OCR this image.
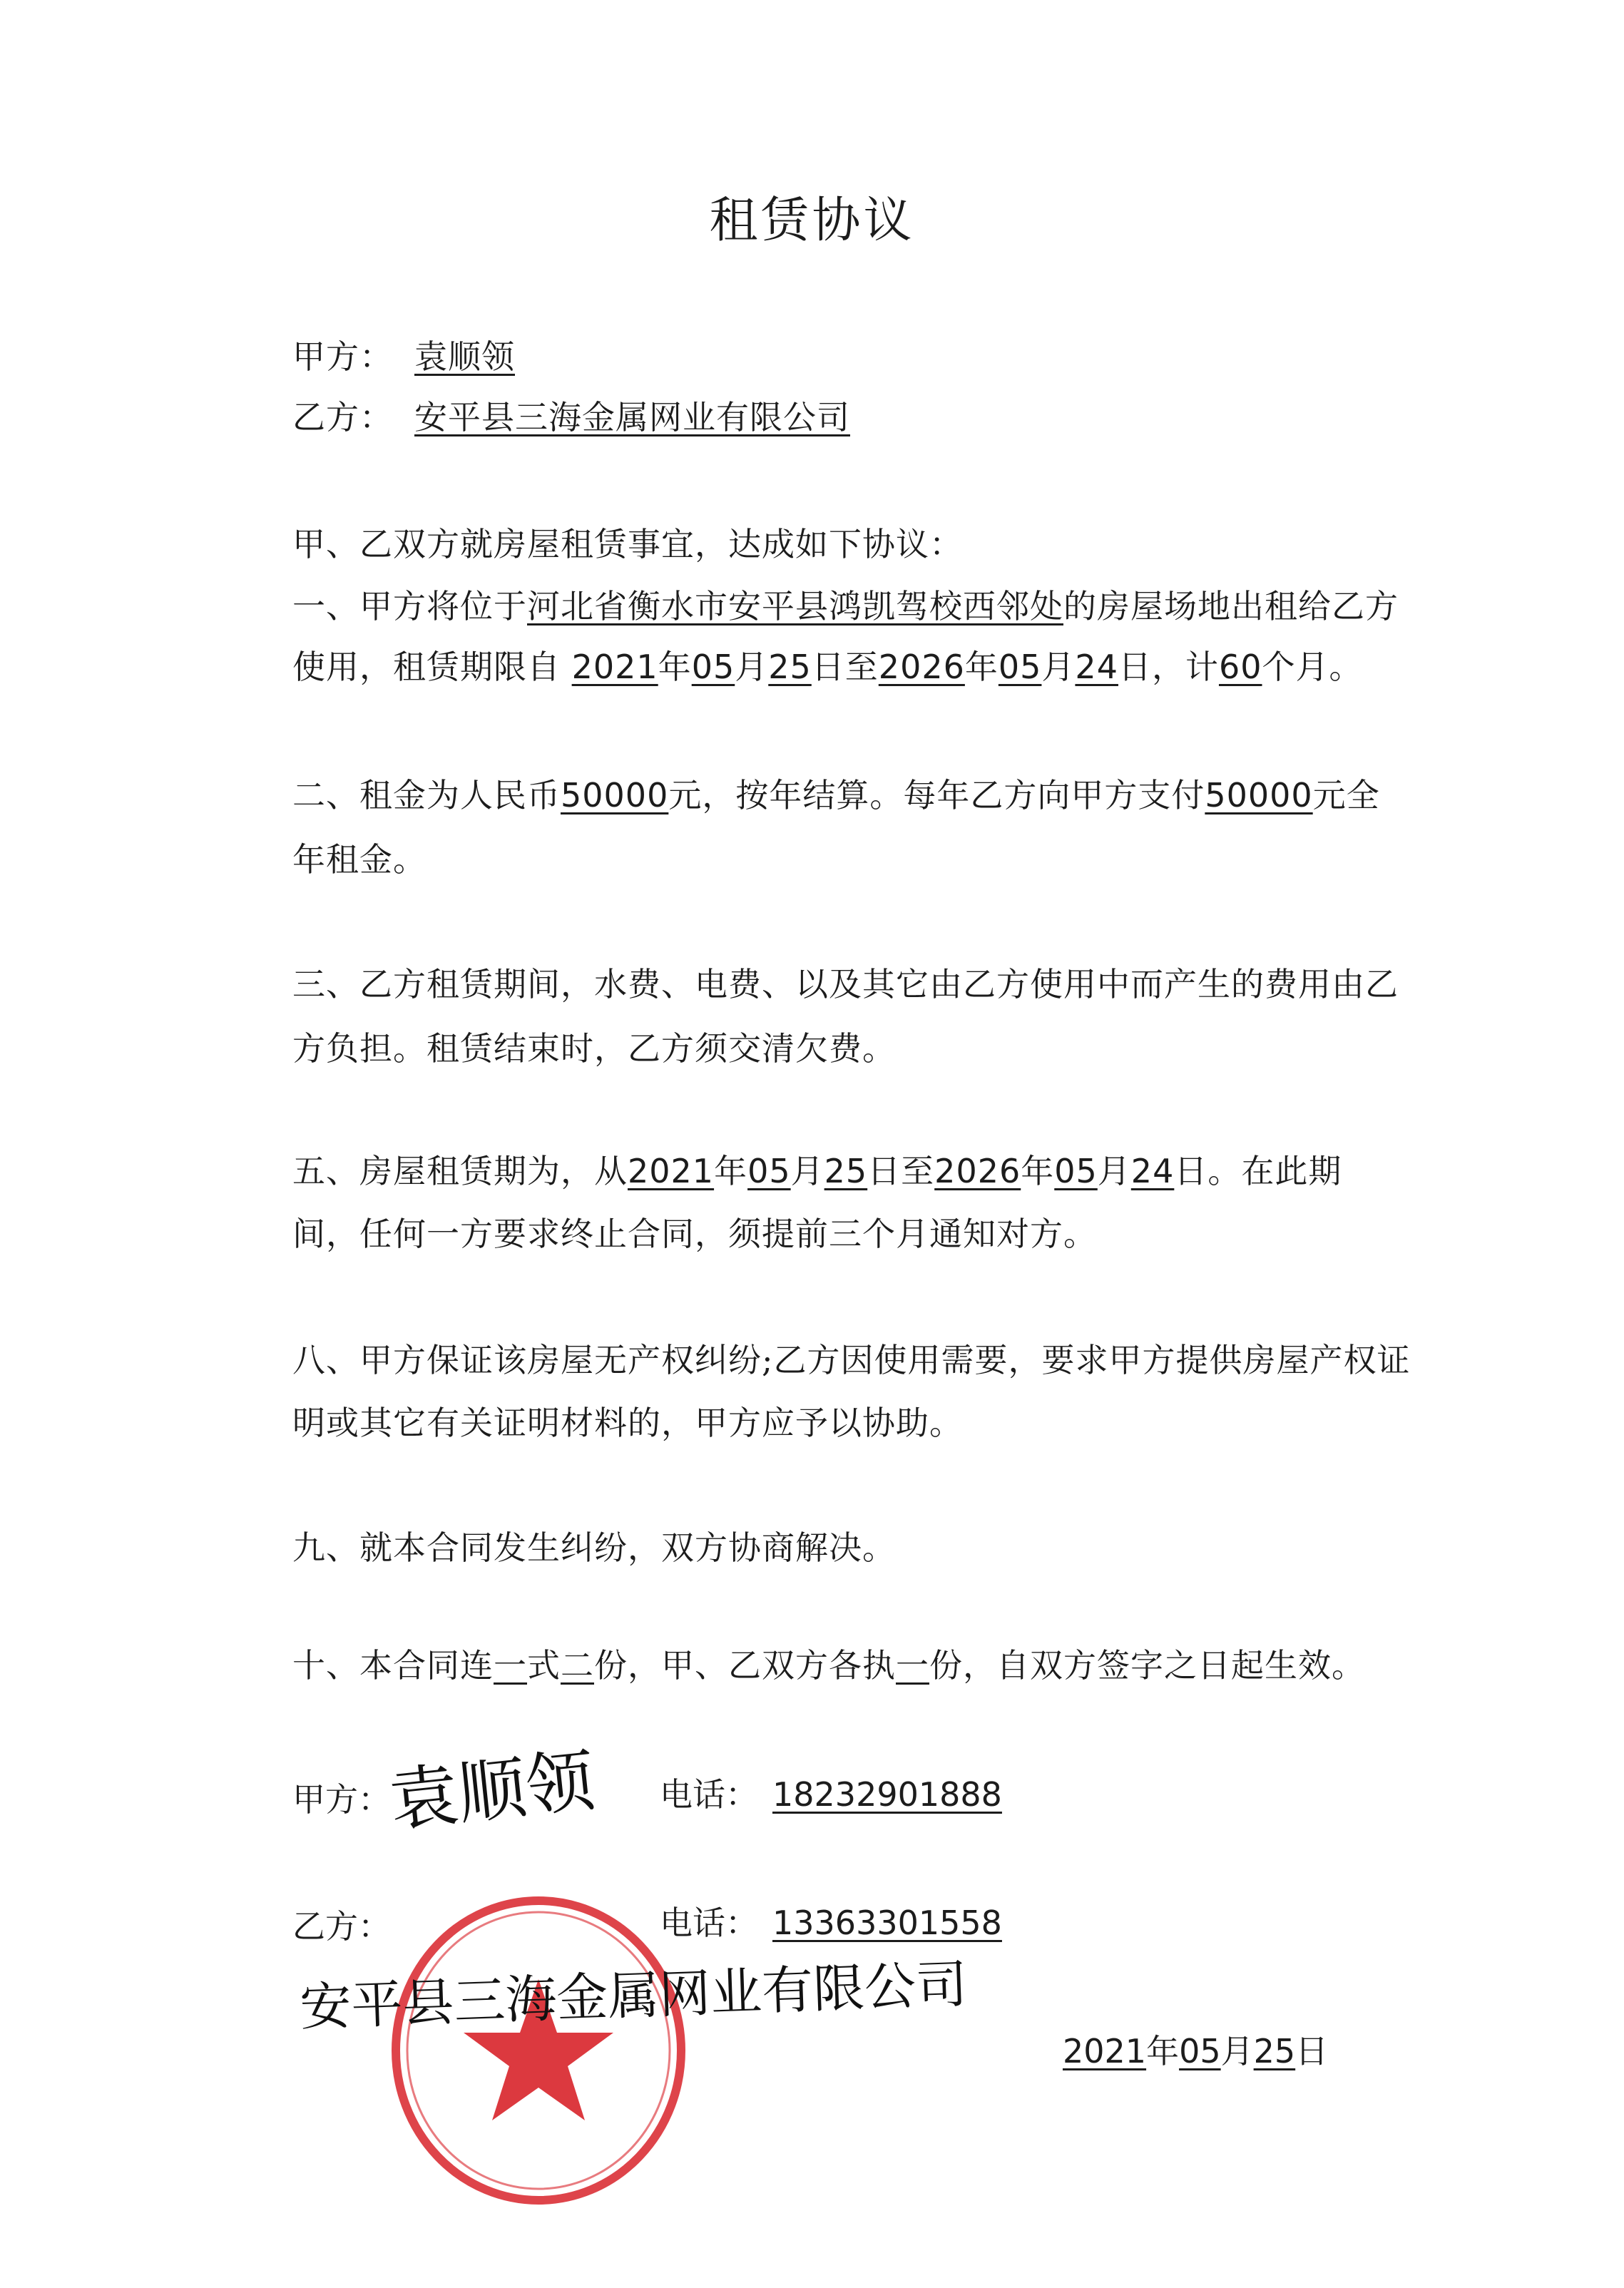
租赁协议
甲方： 袁顺领
乙方： 安平县三海金属网业有限公司
甲、乙双方就房屋租赁事宜，达成如下协议：
一、甲方将位于河北省衡水市安平县鸿凯驾校西邻处的房屋场地出租给乙方
使用，租赁期限自 2021年05月25日至2026年05月24日，计60个月。
二、租金为人民币50000元，按年结算。每年乙方向甲方支付50000元全
年租金。
三、乙方租赁期间，水费、电费、以及其它由乙方使用中而产生的费用由乙
方负担。租赁结束时，乙方须交清欠费。
五、房屋租赁期为，从2021年05月25日至2026年05月24日。在此期
间，任何一方要求终止合同，须提前三个月通知对方。
八、甲方保证该房屋无产权纠纷;乙方因使用需要，要求甲方提供房屋产权证
明或其它有关证明材料的，甲方应予以协助。
九、就本合同发生纠纷，双方协商解决。
十、本合同连一式二份，甲、乙双方各执一份，自双方签字之日起生效。
甲方：
袁顺领 电话： 18232901888
乙方：	电话： 13363301558
安平县三海金属网业有限公司
2021年05月25日
